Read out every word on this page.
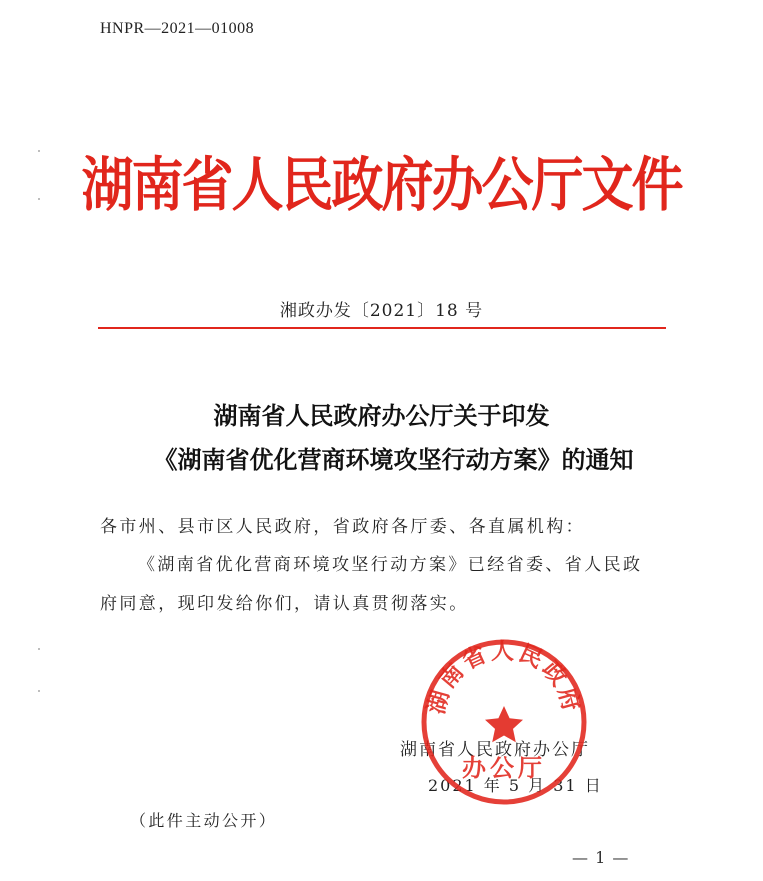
HNPR—2021—01008
湖南省人民政府办公厅文件
湘政办发〔2021〕18 号
湖南省人民政府办公厅关于印发
《湖南省优化营商环境攻坚行动方案》的通知
各市州、县市区人民政府，省政府各厅委、各直属机构：
《湖南省优化营商环境攻坚行动方案》已经省委、省人民政
府同意，现印发给你们，请认真贯彻落实。
湖南省人民政府办公厅
2021 年 5 月 31 日
湖南省人民政府
办公厅
（此件主动公开）
— 1 —
